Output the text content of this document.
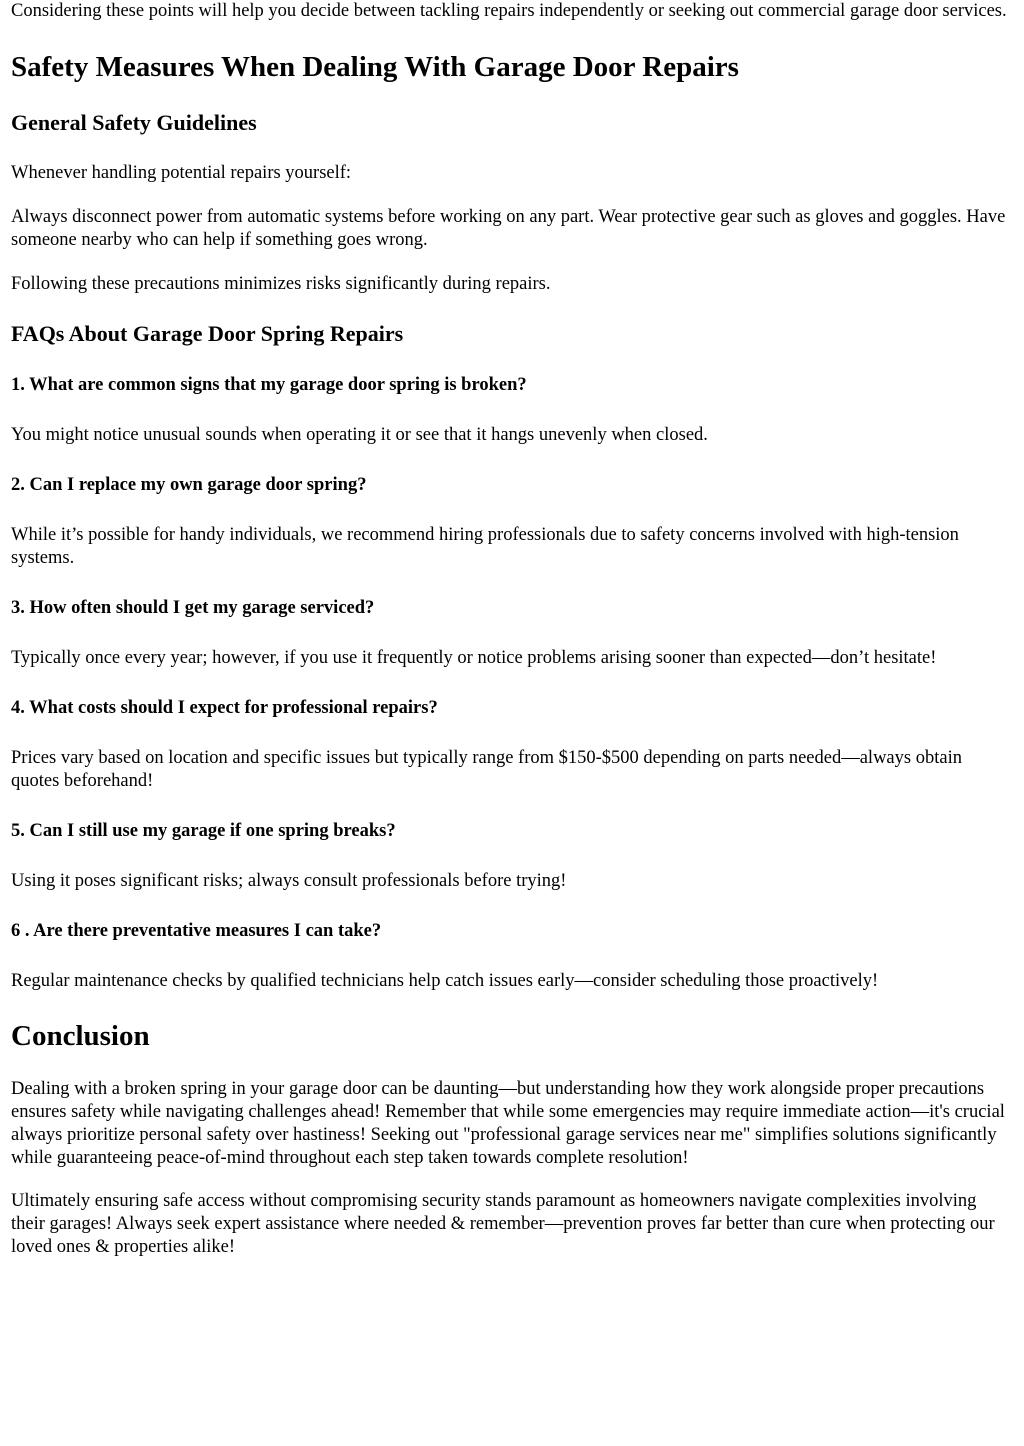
Considering these points will help you decide between tackling repairs independently or seeking out commercial garage door services.

Safety Measures When Dealing With Garage Door Repairs
General Safety Guidelines

Whenever handling potential repairs yourself:

Always disconnect power from automatic systems before working on any part. Wear protective gear such as gloves and goggles. Have someone nearby who can help if something goes wrong.

Following these precautions minimizes risks significantly during repairs.

FAQs About Garage Door Spring Repairs
1. What are common signs that my garage door spring is broken?

You might notice unusual sounds when operating it or see that it hangs unevenly when closed.

2. Can I replace my own garage door spring?

While it’s possible for handy individuals, we recommend hiring professionals due to safety concerns involved with high-tension systems.

3. How often should I get my garage serviced?

Typically once every year; however, if you use it frequently or notice problems arising sooner than expected—don’t hesitate!

4. What costs should I expect for professional repairs?

Prices vary based on location and specific issues but typically range from $150-$500 depending on parts needed—always obtain quotes beforehand!

5. Can I still use my garage if one spring breaks?

Using it poses significant risks; always consult professionals before trying!

6 . Are there preventative measures I can take?

Regular maintenance checks by qualified technicians help catch issues early—consider scheduling those proactively!

Conclusion

Dealing with a broken spring in your garage door can be daunting—but understanding how they work alongside proper precautions ensures safety while navigating challenges ahead! Remember that while some emergencies may require immediate action—it's crucial always prioritize personal safety over hastiness! Seeking out "professional garage services near me" simplifies solutions significantly while guaranteeing peace-of-mind throughout each step taken towards complete resolution!

Ultimately ensuring safe access without compromising security stands paramount as homeowners navigate complexities involving their garages! Always seek expert assistance where needed & remember—prevention proves far better than cure when protecting our loved ones & properties alike!
